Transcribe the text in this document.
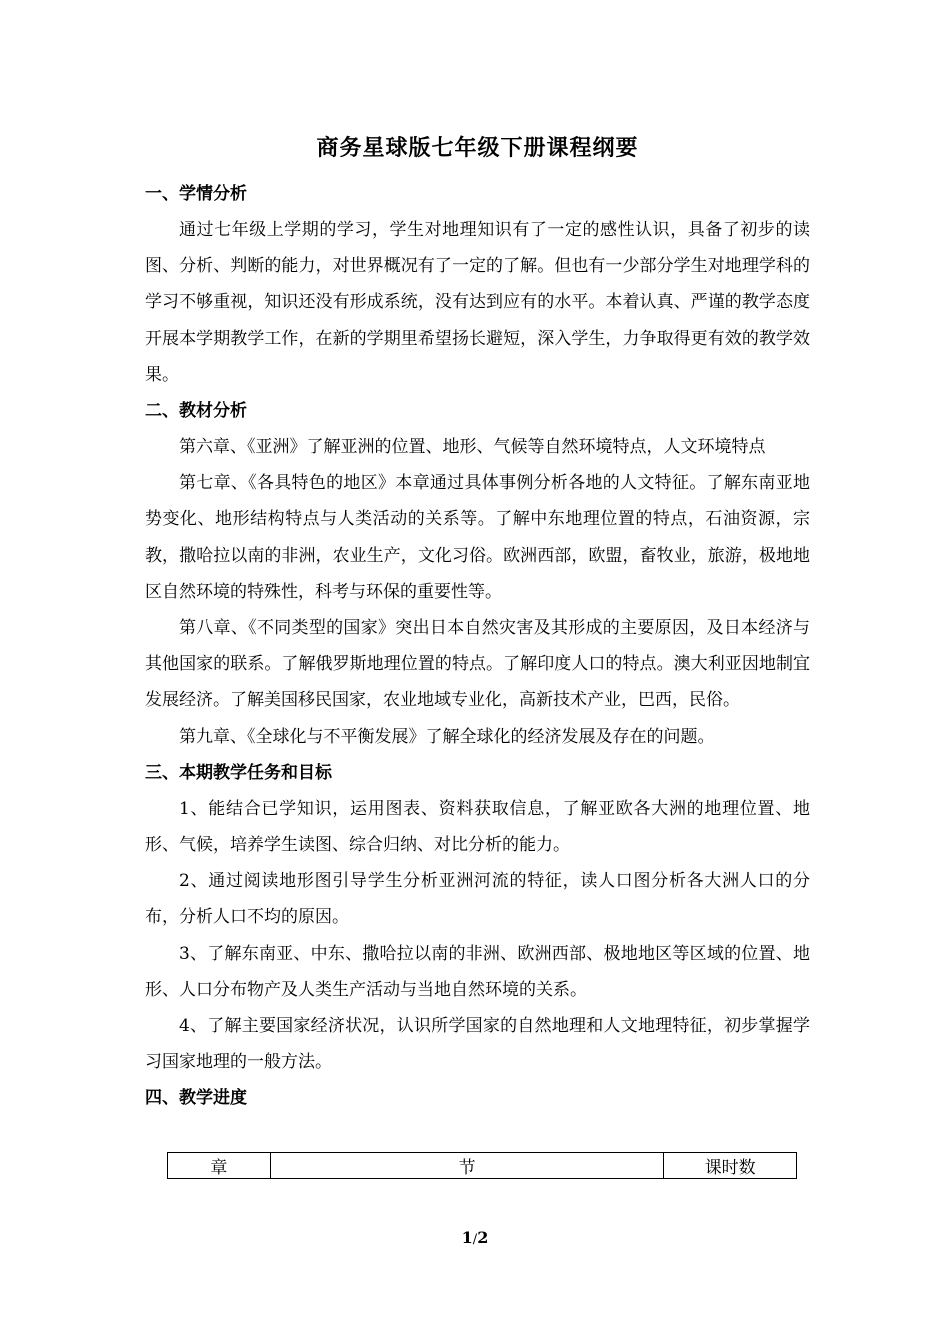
商务星球版七年级下册课程纲要
一、学情分析

通过七年级上学期的学习，学生对地理知识有了一定的感性认识，具备了初步的读图、分析、判断的能力，对世界概况有了一定的了解。但也有一少部分学生对地理学科的学习不够重视，知识还没有形成系统，没有达到应有的水平。本着认真、严谨的教学态度开展本学期教学工作，在新的学期里希望扬长避短，深入学生，力争取得更有效的教学效果。

二、教材分析

第六章、《亚洲》了解亚洲的位置、地形、气候等自然环境特点，人文环境特点

第七章、《各具特色的地区》本章通过具体事例分析各地的人文特征。了解东南亚地势变化、地形结构特点与人类活动的关系等。了解中东地理位置的特点，石油资源，宗教，撒哈拉以南的非洲，农业生产，文化习俗。欧洲西部，欧盟，畜牧业，旅游，极地地区自然环境的特殊性，科考与环保的重要性等。

第八章、《不同类型的国家》突出日本自然灾害及其形成的主要原因，及日本经济与其他国家的联系。了解俄罗斯地理位置的特点。了解印度人口的特点。澳大利亚因地制宜发展经济。了解美国移民国家，农业地域专业化，高新技术产业，巴西，民俗。

第九章、《全球化与不平衡发展》了解全球化的经济发展及存在的问题。

三、本期教学任务和目标

1、能结合已学知识，运用图表、资料获取信息，了解亚欧各大洲的地理位置、地形、气候，培养学生读图、综合归纳、对比分析的能力。

2、通过阅读地形图引导学生分析亚洲河流的特征，读人口图分析各大洲人口的分布，分析人口不均的原因。

3、了解东南亚、中东、撒哈拉以南的非洲、欧洲西部、极地地区等区域的位置、地形、人口分布物产及人类生产活动与当地自然环境的关系。

4、了解主要国家经济状况，认识所学国家的自然地理和人文地理特征，初步掌握学习国家地理的一般方法。

四、教学进度
章	节	课时数
1/2
